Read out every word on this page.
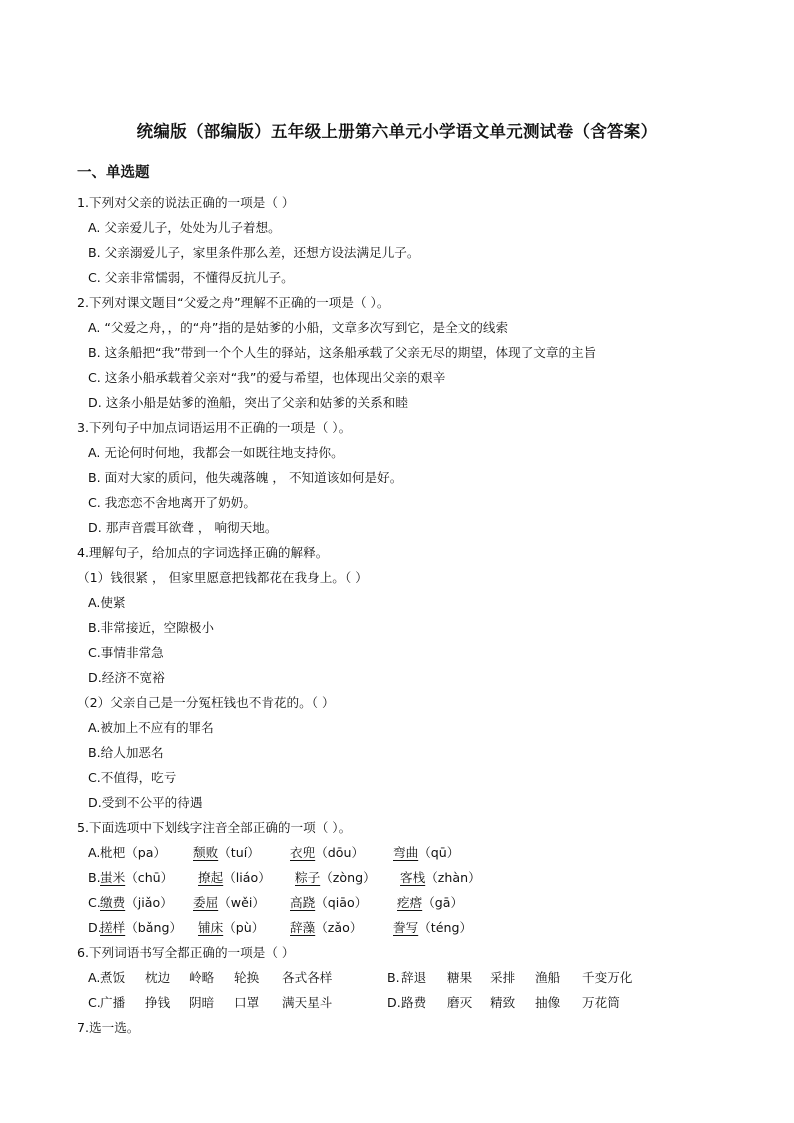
统编版（部编版）五年级上册第六单元小学语文单元测试卷（含答案）
一、单选题
1.下列对父亲的说法正确的一项是（ ）
A. 父亲爱儿子，处处为儿子着想。
B. 父亲溺爱儿子，家里条件那么差，还想方设法满足儿子。
C. 父亲非常懦弱，不懂得反抗儿子。
2.下列对课文题目“父爱之舟”理解不正确的一项是（ ）。
A. “父爱之舟，，的“舟”指的是姑爹的小船，文章多次写到它，是全文的线索
B. 这条船把“我”带到一个个人生的驿站，这条船承载了父亲无尽的期望，体现了文章的主旨
C. 这条小船承载着父亲对“我”的爱与希望，也体现出父亲的艰辛
D. 这条小船是姑爹的渔船，突出了父亲和姑爹的关系和睦
3.下列句子中加点词语运用不正确的一项是（ ）。
A. 无论何时何地，我都会一如既往地支持你。
B. 面对大家的质问，他失魂落魄 ， 不知道该如何是好。
C. 我恋恋不舍地离开了奶奶。
D. 那声音震耳欲聋 ， 响彻天地。
4.理解句子，给加点的字词选择正确的解释。
（1）钱很紧 ， 但家里愿意把钱都花在我身上。（ ）
A.使紧
B.非常接近，空隙极小
C.事情非常急
D.经济不宽裕
（2）父亲自己是一分冤枉钱也不肯花的。（ ）
A.被加上不应有的罪名
B.给人加恶名
C.不值得，吃亏
D.受到不公平的待遇
5.下面选项中下划线字注音全部正确的一项（ ）。
A. 枇杷（pa） 颓败（tuí） 衣兜（dōu） 弯曲（qū）
B. 蚩米（chū） 撩起（liáo） 粽子（zòng） 客栈（zhàn）
C. 缴费（jiǎo） 委屈（wěi） 高跷（qiāo） 疙瘩（gā）
D.
搓样（bǎng） 铺床（pù） 辞藻（zǎo） 誊写（téng）
6.下列词语书写全都正确的一项是（ ）
A. 煮饭 枕边 岭略 轮换 各式各样	B. 辞退 糖果 采排 渔船 千变万化
C. 广播 挣钱 阴暗 口罩 满天星斗	D. 路费 磨灭 精致 抽像 万花筒
7.选一选。
